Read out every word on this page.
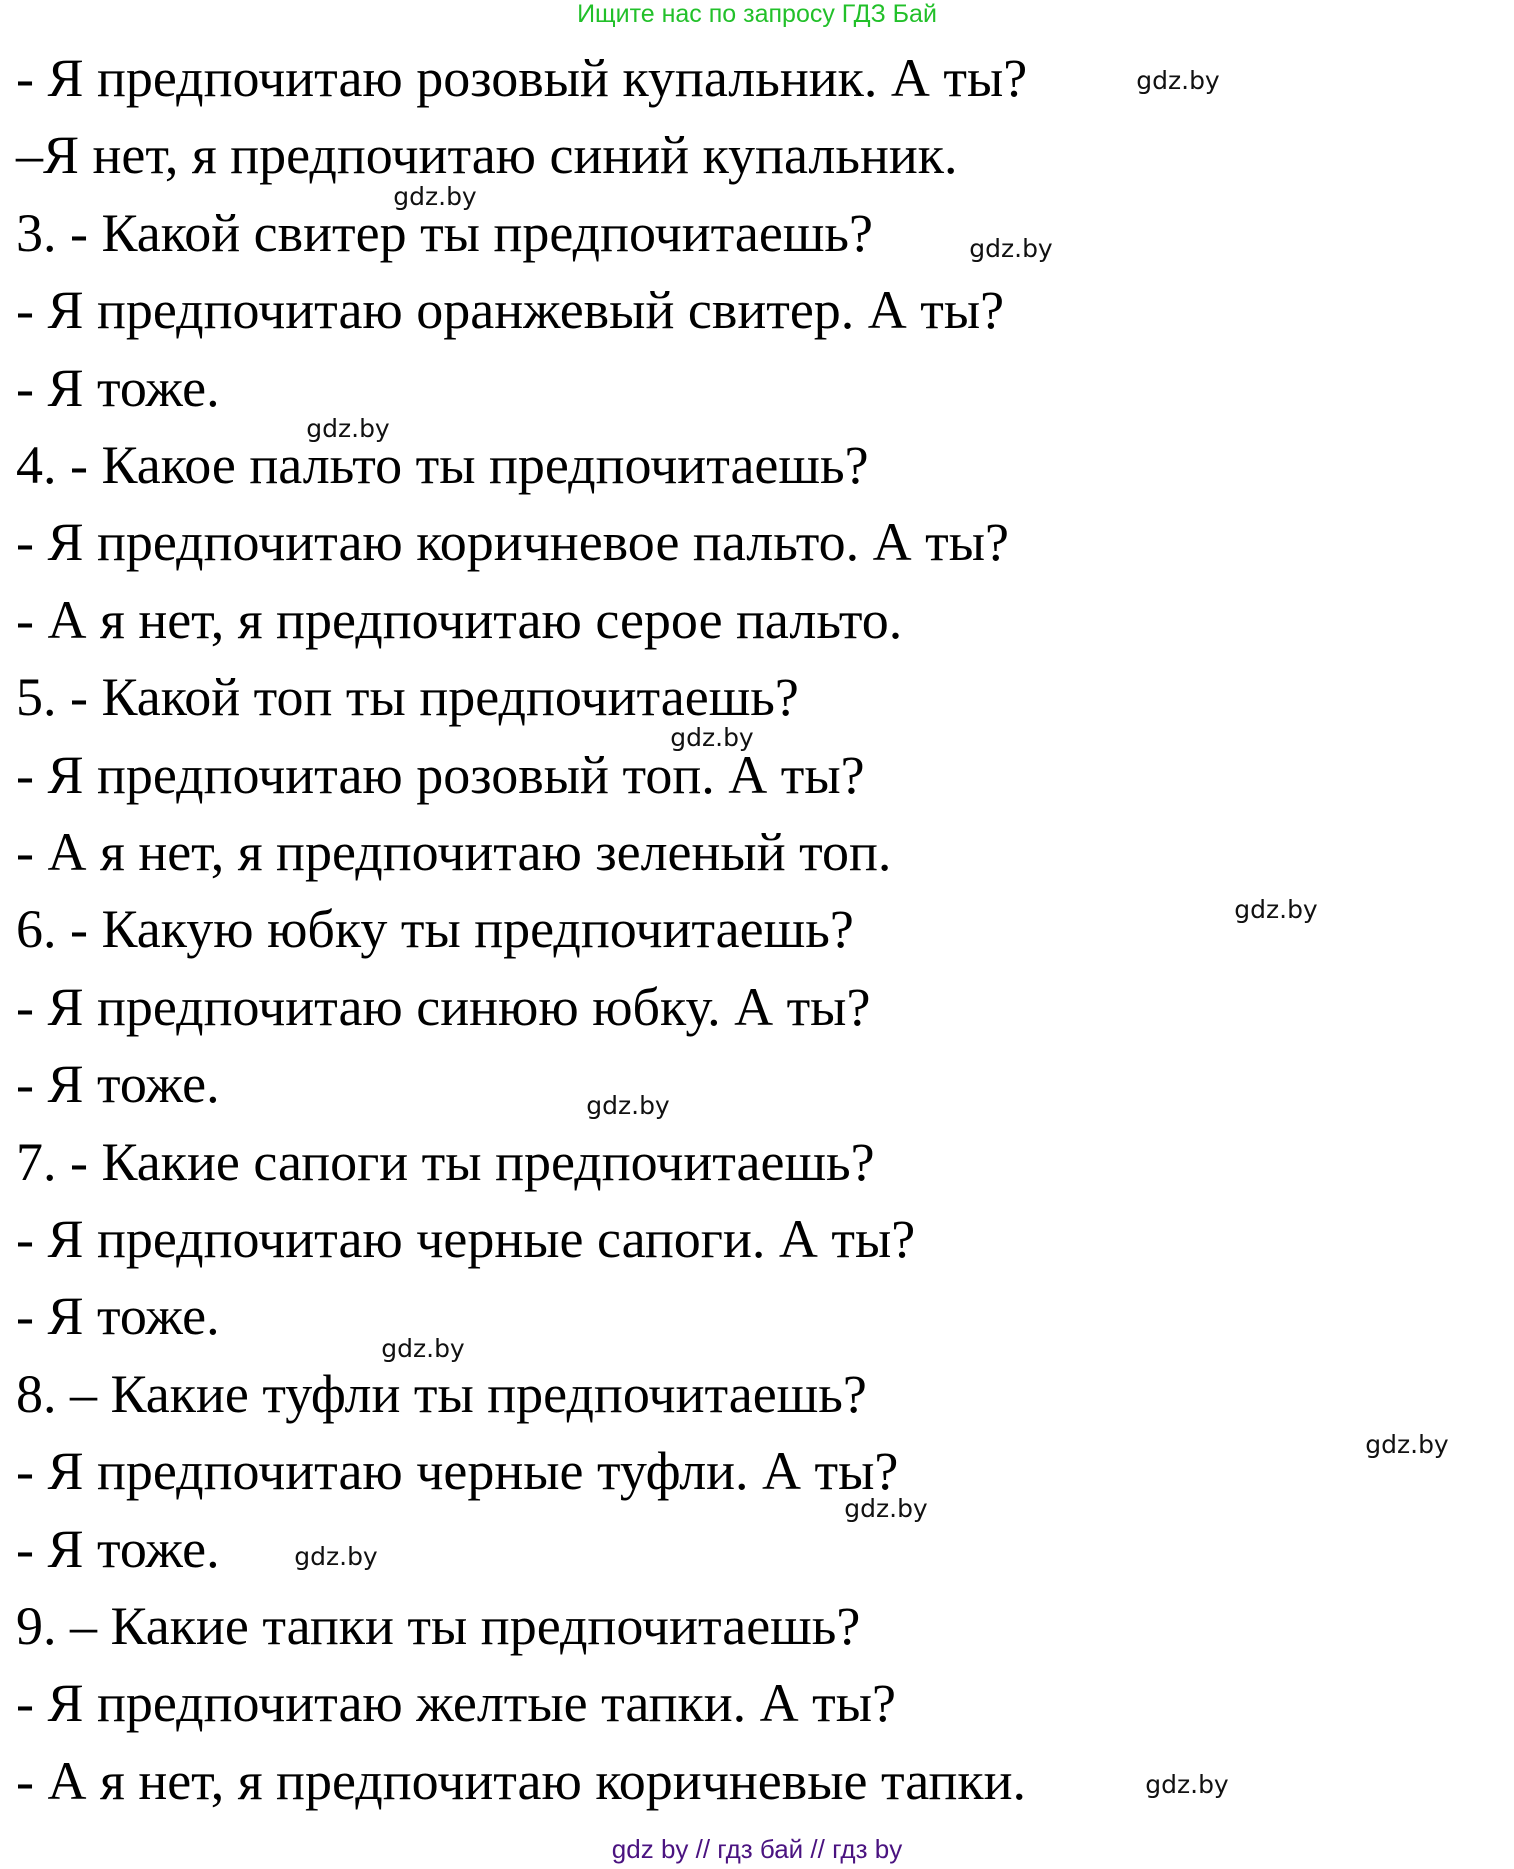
Ищите нас по запросу ГДЗ Бай
- Я предпочитаю розовый купальник. А ты?
–Я нет, я предпочитаю синий купальник.
3. - Какой свитер ты предпочитаешь?
- Я предпочитаю оранжевый свитер. А ты?
- Я тоже.
4. - Какое пальто ты предпочитаешь?
- Я предпочитаю коричневое пальто. А ты?
- А я нет, я предпочитаю серое пальто.
5. - Какой топ ты предпочитаешь?
- Я предпочитаю розовый топ. А ты?
- А я нет, я предпочитаю зеленый топ.
6. - Какую юбку ты предпочитаешь?
- Я предпочитаю синюю юбку. А ты?
- Я тоже.
7. - Какие сапоги ты предпочитаешь?
- Я предпочитаю черные сапоги. А ты?
- Я тоже.
8. – Какие туфли ты предпочитаешь?
- Я предпочитаю черные туфли. А ты?
- Я тоже.
9. – Какие тапки ты предпочитаешь?
- Я предпочитаю желтые тапки. А ты?
- А я нет, я предпочитаю коричневые тапки.
gdz.by
gdz.by
gdz.by
gdz.by
gdz.by
gdz.by
gdz.by
gdz.by
gdz.by
gdz.by
gdz.by
gdz.by
gdz by // гдз бай // гдз by
